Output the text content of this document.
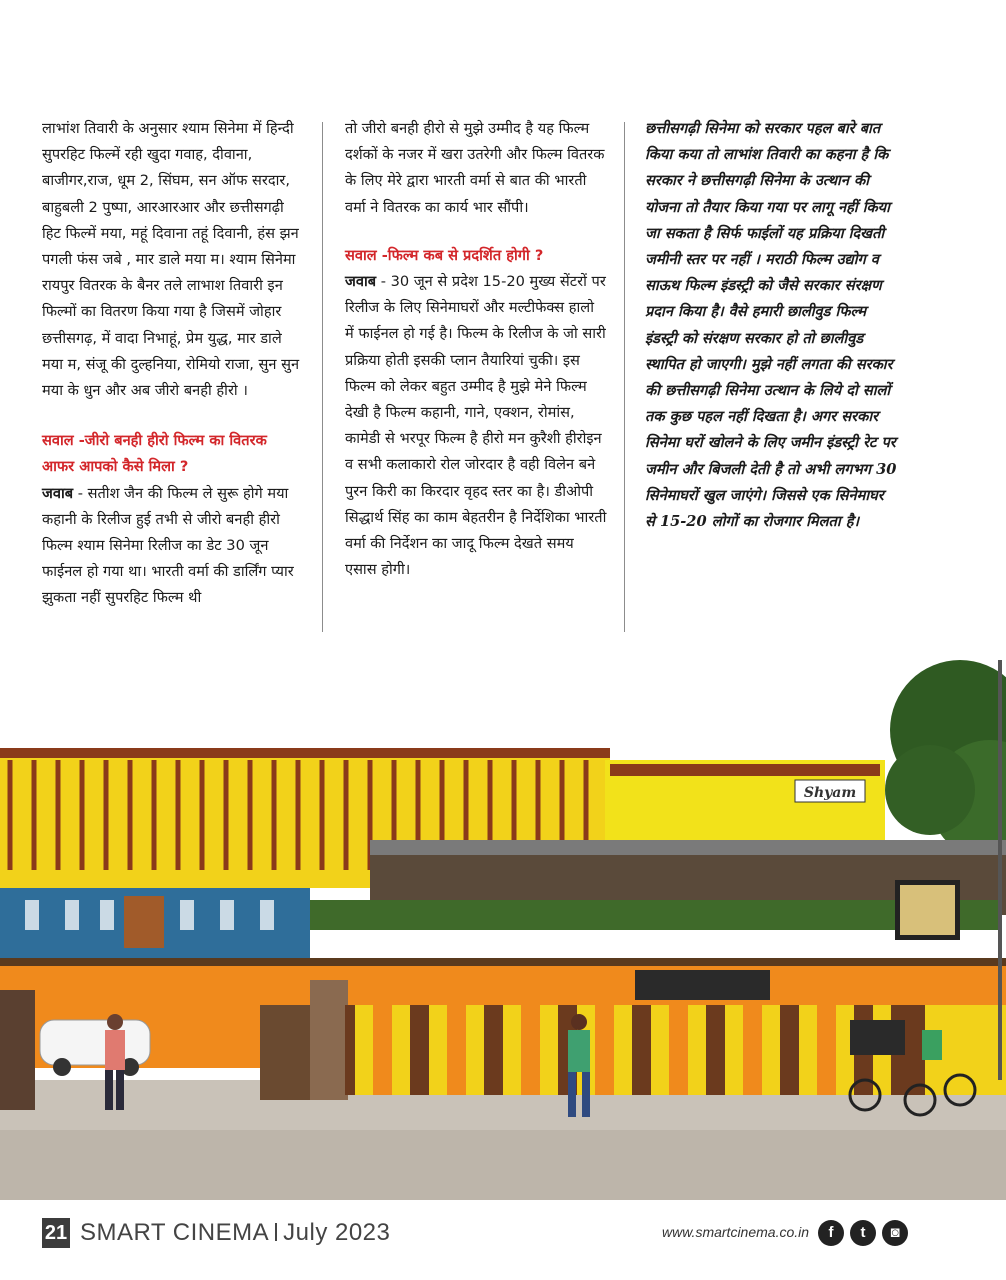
लाभांश तिवारी के अनुसार श्याम सिनेमा में हिन्दी सुपरहिट फिल्में रही खुदा गवाह, दीवाना, बाजीगर,राज, धूम 2, सिंघम, सन ऑफ सरदार, बाहुबली 2 पुष्पा, आरआरआर और छत्तीसगढ़ी हिट फिल्में मया, महूं दिवाना तहूं दिवानी, हंस झन पगली फंस जबे , मार डाले मया म। श्याम सिनेमा रायपुर वितरक के बैनर तले लाभाश तिवारी इन फिल्मों का वितरण किया गया है जिसमें जोहार छत्तीसगढ़, में वादा निभाहूं, प्रेम युद्ध, मार डाले मया म, संजू की दुल्हनिया, रोमियो राजा, सुन सुन मया के धुन और अब जीरो बनही हीरो ।

सवाल -जीरो बनही हीरो फिल्म का वितरक आफर आपको कैसे मिला ?

जवाब - सतीश जैन की फिल्म ले सुरू होगे मया कहानी के रिलीज हुई तभी से जीरो बनही हीरो फिल्म श्याम सिनेमा रिलीज का डेट 30 जून फाईनल हो गया था। भारती वर्मा की डार्लिंग प्यार झुकता नहीं सुपरहिट फिल्म थी

तो जीरो बनही हीरो से मुझे उम्मीद है यह फिल्म दर्शकों के नजर में खरा उतरेगी और फिल्म वितरक के लिए मेरे द्वारा भारती वर्मा से बात की भारती वर्मा ने वितरक का कार्य भार सौंपी।

सवाल -फिल्म कब से प्रदर्शित होगी ?

जवाब - 30 जून से प्रदेश 15-20 मुख्य सेंटरों पर रिलीज के लिए सिनेमाघरों और मल्टीफेक्स हालो में फाईनल हो गई है। फिल्म के रिलीज के जो सारी प्रक्रिया होती इसकी प्लान तैयारियां चुकी। इस फिल्म को लेकर बहुत उम्मीद है मुझे मेने फिल्म देखी है फिल्म कहानी, गाने, एक्शन, रोमांस, कामेडी से भरपूर फिल्म है हीरो मन कुरैशी हीरोइन व सभी कलाकारो रोल जोरदार है वही विलेन बने पुरन किरी का किरदार वृहद स्तर का है। डीओपी सिद्धार्थ सिंह का काम बेहतरीन है निर्देशिका भारती वर्मा की निर्देशन का जादू फिल्म देखते समय एसास होगी।

छत्तीसगढ़ी सिनेमा को सरकार पहल बारे बात किया कया तो लाभांश तिवारी का कहना है कि सरकार ने छत्तीसगढ़ी सिनेमा के उत्थान की योजना तो तैयार किया गया पर लागू नहीं किया जा सकता है सिर्फ फाईलों यह प्रक्रिया दिखती जमीनी स्तर पर नहीं । मराठी फिल्म उद्योग व साऊथ फिल्म इंडस्ट्री को जैसे सरकार संरक्षण प्रदान किया है। वैसे हमारी छालीवुड फिल्म इंडस्ट्री को संरक्षण सरकार हो तो छालीवुड स्थापित हो जाएगी। मुझे नहीं लगता की सरकार की छत्तीसगढ़ी सिनेमा उत्थान के लिये दो सालों तक कुछ पहल नहीं दिखता है। अगर सरकार सिनेमा घरों खोलने के लिए जमीन इंडस्ट्री रेट पर जमीन और बिजली देती है तो अभी लगभग 30 सिनेमाघरों खुल जाएंगे। जिससे एक सिनेमाघर से 15-20 लोगों का रोजगार मिलता है।

Shyam
21 SMART CINEMA July 2023	www.smartcinema.co.in	f	t	◙
